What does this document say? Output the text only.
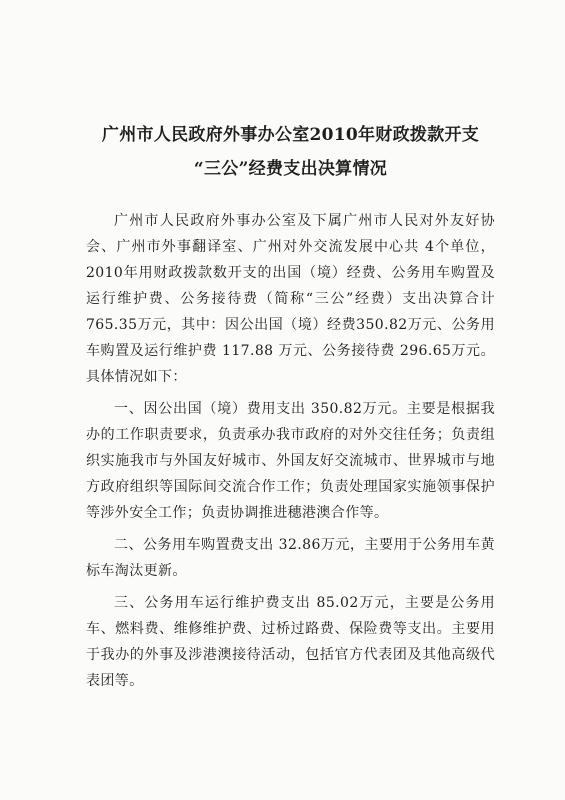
广州市人民政府外事办公室2010年财政拨款开支
“三公”经费支出决算情况

广州市人民政府外事办公室及下属广州市人民对外友好协会、广州市外事翻译室、广州对外交流发展中心共 4个单位，2010年用财政拨款数开支的出国（境）经费、公务用车购置及运行维护费、公务接待费（简称“三公”经费）支出决算合计 765.35万元，其中：因公出国（境）经费350.82万元、公务用车购置及运行维护费 117.88 万元、公务接待费 296.65万元。具体情况如下：

一、因公出国（境）费用支出 350.82万元。主要是根据我办的工作职责要求，负责承办我市政府的对外交往任务；负责组织实施我市与外国友好城市、外国友好交流城市、世界城市与地方政府组织等国际间交流合作工作；负责处理国家实施领事保护等涉外安全工作；负责协调推进穗港澳合作等。

二、公务用车购置费支出 32.86万元，主要用于公务用车黄标车淘汰更新。

三、公务用车运行维护费支出 85.02万元，主要是公务用车、燃料费、维修维护费、过桥过路费、保险费等支出。主要用于我办的外事及涉港澳接待活动，包括官方代表团及其他高级代表团等。
